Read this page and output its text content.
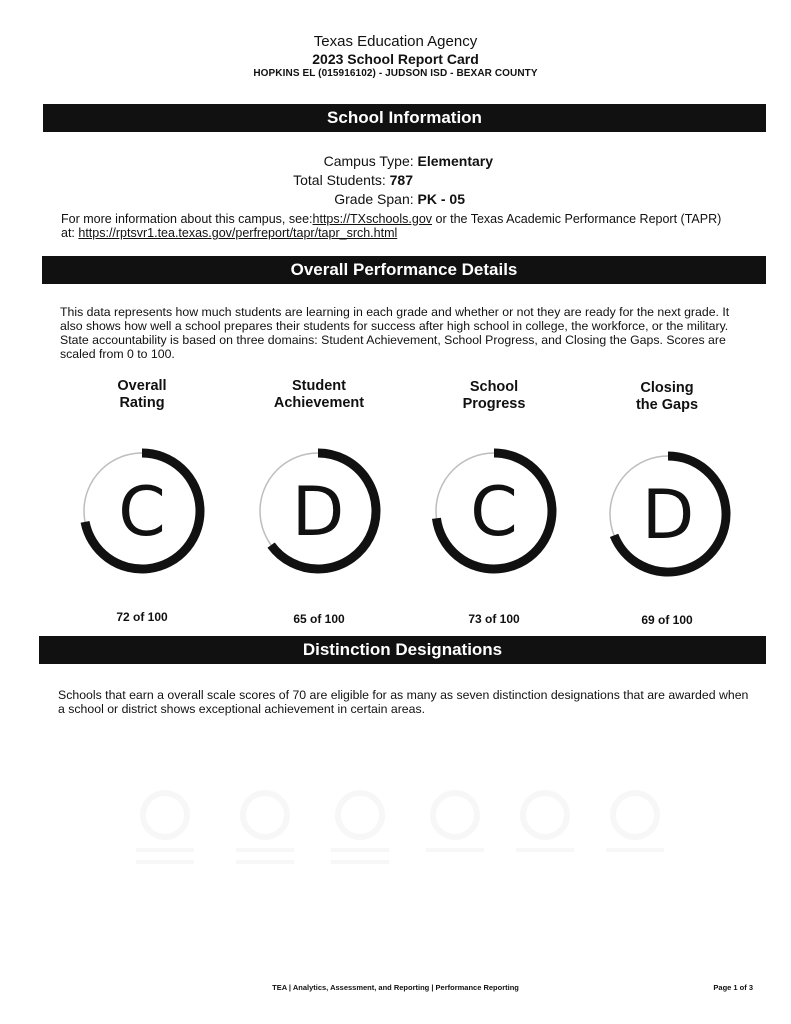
Texas Education Agency
2023 School Report Card
HOPKINS EL (015916102) - JUDSON ISD - BEXAR COUNTY
School Information
Campus Type: Elementary
Total Students: 787
Grade Span: PK - 05
For more information about this campus, see:https://TXschools.gov or the Texas Academic Performance Report (TAPR)
at: https://rptsvr1.tea.texas.gov/perfreport/tapr/tapr_srch.html
Overall Performance Details
This data represents how much students are learning in each grade and whether or not they are ready for the next grade. It also shows how well a school prepares their students for success after high school in college, the workforce, or the military. State accountability is based on three domains: Student Achievement, School Progress, and Closing the Gaps. Scores are scaled from 0 to 100.
Overall
Rating
Student
Achievement
School
Progress
Closing
the Gaps
C D C D
72 of 100	65 of 100	73 of 100	69 of 100
Distinction Designations
Schools that earn a overall scale scores of 70 are eligible for as many as seven distinction designations that are awarded when a school or district shows exceptional achievement in certain areas.
TEA | Analytics, Assessment, and Reporting | Performance Reporting	Page 1 of 3
